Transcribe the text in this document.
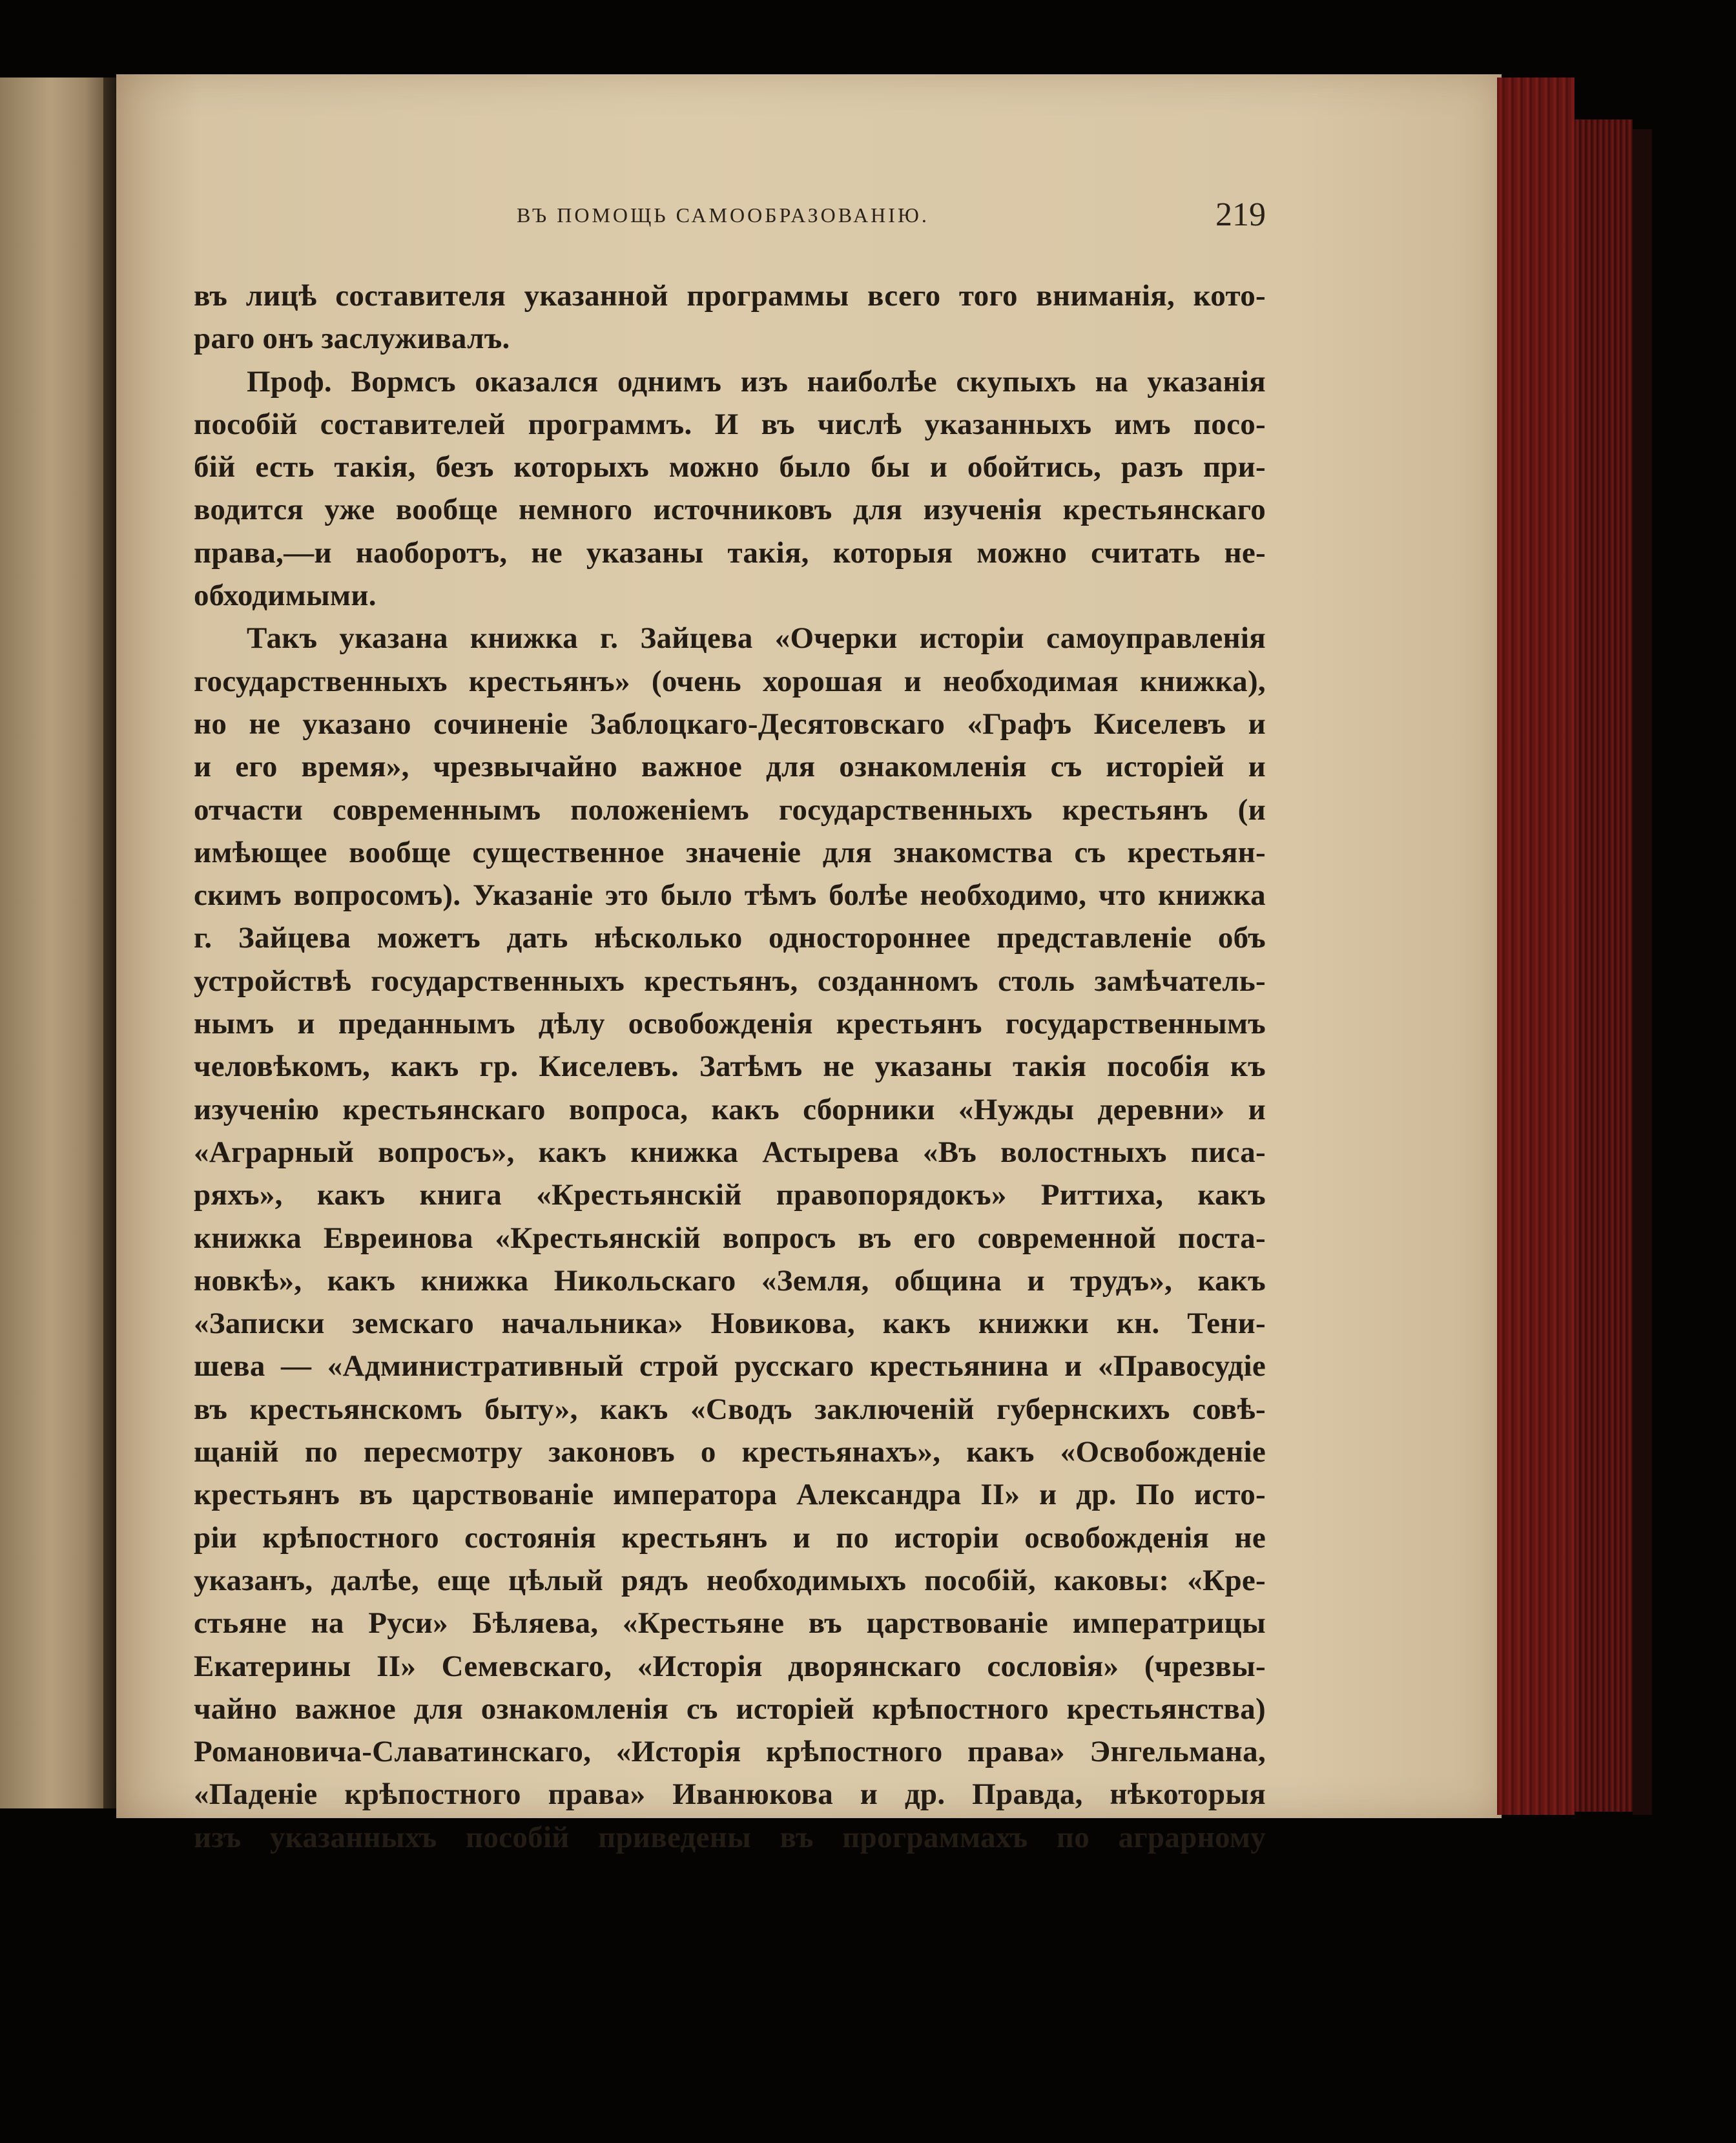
ВЪ ПОМОЩЬ САМООБРАЗОВАНІЮ.	219
въ лицѣ составителя указанной программы всего того вниманія, кото-
раго онъ заслуживалъ.
Проф. Вормсъ оказался однимъ изъ наиболѣе скупыхъ на указанія
пособій составителей программъ. И въ числѣ указанныхъ имъ посо-
бій есть такія, безъ которыхъ можно было бы и обойтись, разъ при-
водится уже вообще немного источниковъ для изученія крестьянскаго
права,—и наоборотъ, не указаны такія, которыя можно считать не-
обходимыми.
Такъ указана книжка г. Зайцева «Очерки исторіи самоуправленія
государственныхъ крестьянъ» (очень хорошая и необходимая книжка),
но не указано сочиненіе Заблоцкаго-Десятовскаго «Графъ Киселевъ и
и его время», чрезвычайно важное для ознакомленія съ исторіей и
отчасти современнымъ положеніемъ государственныхъ крестьянъ (и
имѣющее вообще существенное значеніе для знакомства съ крестьян-
скимъ вопросомъ). Указаніе это было тѣмъ болѣе необходимо, что книжка
г. Зайцева можетъ дать нѣсколько одностороннее представленіе объ
устройствѣ государственныхъ крестьянъ, созданномъ столь замѣчатель-
нымъ и преданнымъ дѣлу освобожденія крестьянъ государственнымъ
человѣкомъ, какъ гр. Киселевъ. Затѣмъ не указаны такія пособія къ
изученію крестьянскаго вопроса, какъ сборники «Нужды деревни» и
«Аграрный вопросъ», какъ книжка Астырева «Въ волостныхъ писа-
ряхъ», какъ книга «Крестьянскій правопорядокъ» Риттиха, какъ
книжка Евреинова «Крестьянскій вопросъ въ его современной поста-
новкѣ», какъ книжка Никольскаго «Земля, община и трудъ», какъ
«Записки земскаго начальника» Новикова, какъ книжки кн. Тени-
шева — «Административный строй русскаго крестьянина и «Правосудіе
въ крестьянскомъ быту», какъ «Сводъ заключеній губернскихъ совѣ-
щаній по пересмотру законовъ о крестьянахъ», какъ «Освобожденіе
крестьянъ въ царствованіе императора Александра II» и др. По исто-
ріи крѣпостного состоянія крестьянъ и по исторіи освобожденія не
указанъ, далѣе, еще цѣлый рядъ необходимыхъ пособій, каковы: «Кре-
стьяне на Руси» Бѣляева, «Крестьяне въ царствованіе императрицы
Екатерины II» Семевскаго, «Исторія дворянскаго сословія» (чрезвы-
чайно важное для ознакомленія съ исторіей крѣпостного крестьянства)
Романовича-Славатинскаго, «Исторія крѣпостного права» Энгельмана,
«Паденіе крѣпостного права» Иванюкова и др. Правда, нѣкоторыя
изъ указанныхъ пособій приведены въ программахъ по аграрному
